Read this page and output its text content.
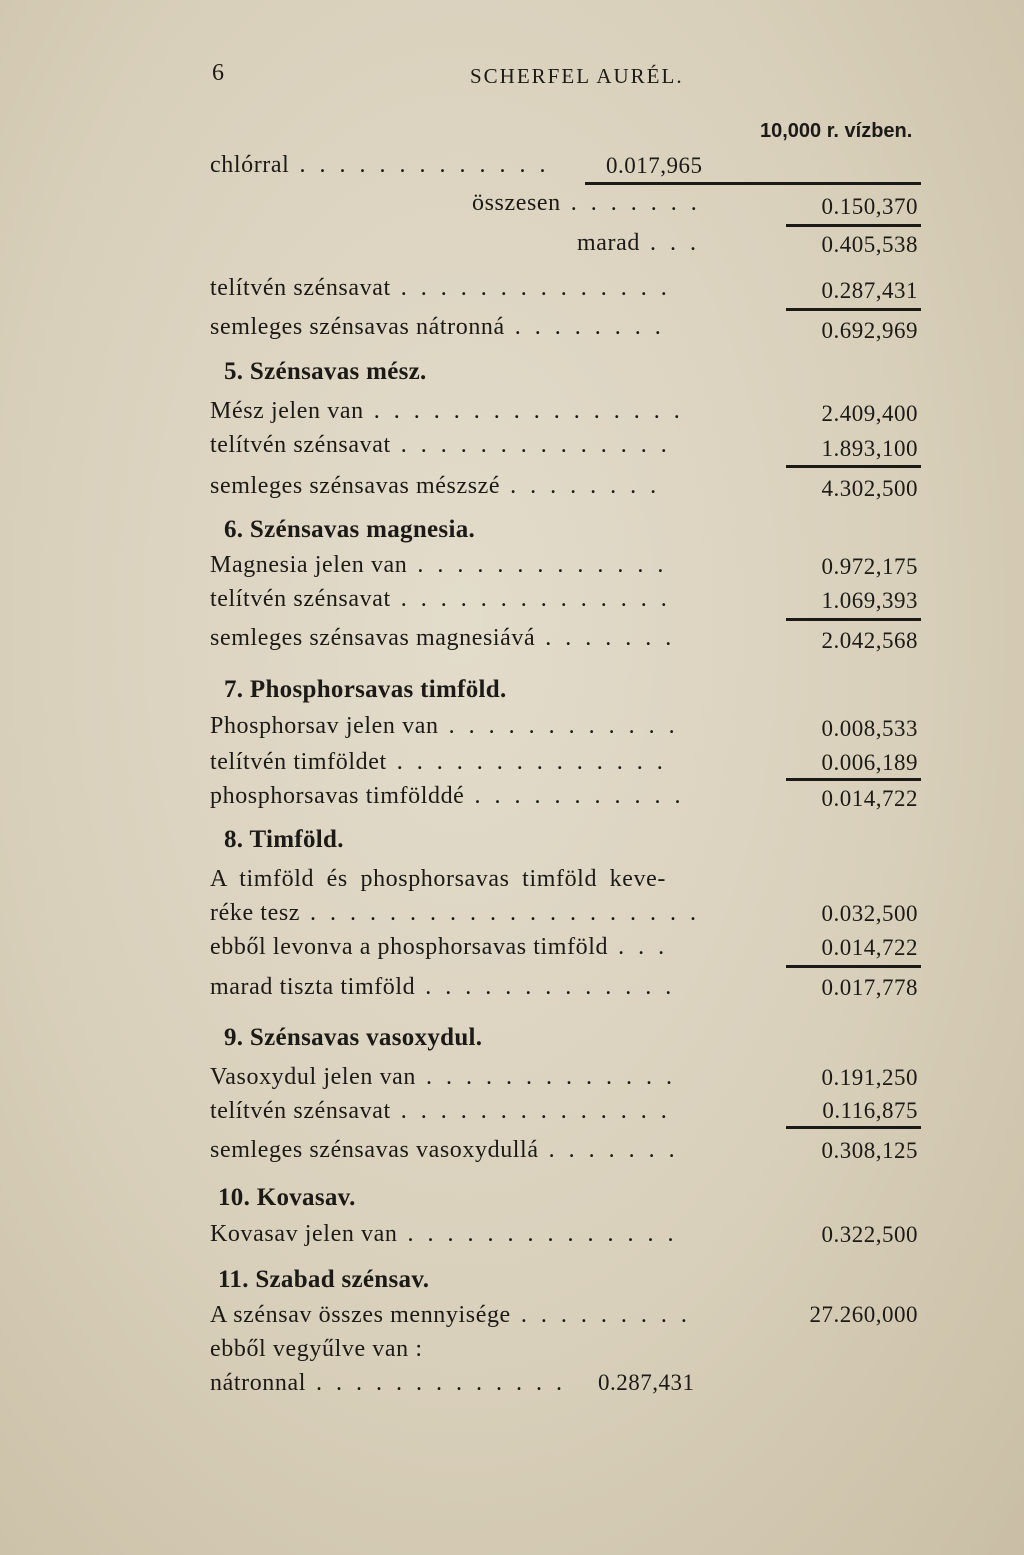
6	SCHERFEL AURÉL.
10,000 r. vízben.
chlórral . . . . . . . . . . . . . 0.017,965
összesen . . . . . . .	0.150,370
marad . . .	0.405,538
telítvén szénsavat . . . . . . . . . . . . . .	0.287,431
semleges szénsavas nátronná . . . . . . . .	0.692,969
5. Szénsavas mész.
Mész jelen van . . . . . . . . . . . . . . . .	2.409,400
telítvén szénsavat . . . . . . . . . . . . . .	1.893,100
semleges szénsavas mészszé . . . . . . . .	4.302,500
6. Szénsavas magnesia.
Magnesia jelen van . . . . . . . . . . . . .	0.972,175
telítvén szénsavat . . . . . . . . . . . . . .	1.069,393
semleges szénsavas magnesiává . . . . . . .	2.042,568
7. Phosphorsavas timföld.
Phosphorsav jelen van . . . . . . . . . . . .	0.008,533
telítvén timföldet . . . . . . . . . . . . . .	0.006,189
phosphorsavas timfölddé . . . . . . . . . . .	0.014,722
8. Timföld.
A timföld és phosphorsavas timföld keve-
réke tesz . . . . . . . . . . . . . . . . . . . .	0.032,500
ebből levonva a phosphorsavas timföld . . .	0.014,722
marad tiszta timföld . . . . . . . . . . . . .	0.017,778
9. Szénsavas vasoxydul.
Vasoxydul jelen van . . . . . . . . . . . . .	0.191,250
telítvén szénsavat . . . . . . . . . . . . . .	0.116,875
semleges szénsavas vasoxydullá . . . . . . .	0.308,125
10. Kovasav.
Kovasav jelen van . . . . . . . . . . . . . .	0.322,500
11. Szabad szénsav.
A szénsav összes mennyisége . . . . . . . . .	27.260,000
ebből vegyűlve van :
nátronnal . . . . . . . . . . . . . 0.287,431
